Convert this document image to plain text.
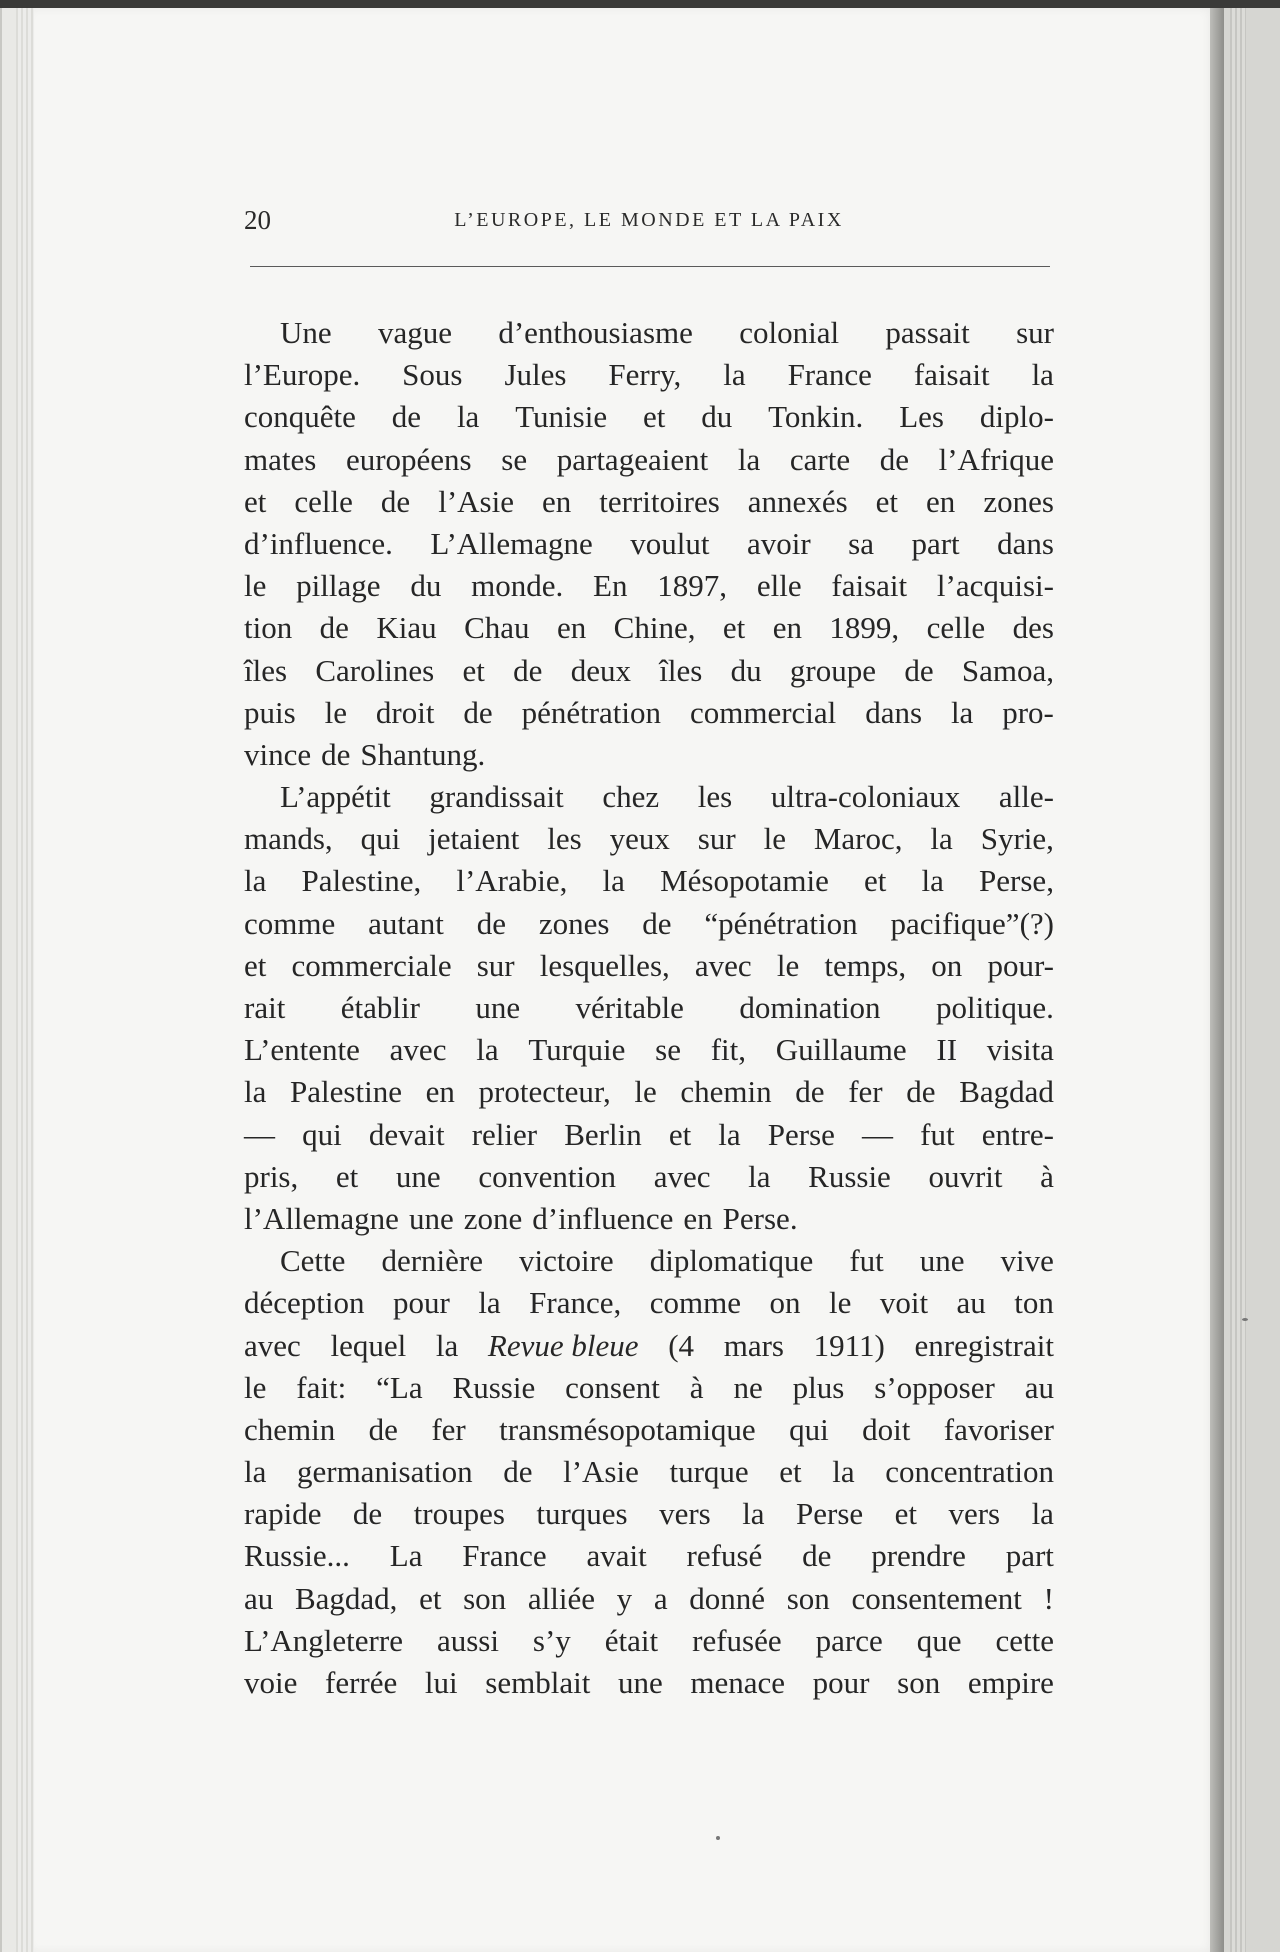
20	L’EUROPE, LE MONDE ET LA PAIX
Une vague d’enthousiasme colonial passait sur
l’Europe. Sous Jules Ferry, la France faisait la
conquête de la Tunisie et du Tonkin. Les diplo-
mates européens se partageaient la carte de l’Afrique
et celle de l’Asie en territoires annexés et en zones
d’influence. L’Allemagne voulut avoir sa part dans
le pillage du monde. En 1897, elle faisait l’acquisi-
tion de Kiau Chau en Chine, et en 1899, celle des
îles Carolines et de deux îles du groupe de Samoa,
puis le droit de pénétration commercial dans la pro-
vince de Shantung.
L’appétit grandissait chez les ultra-coloniaux alle-
mands, qui jetaient les yeux sur le Maroc, la Syrie,
la Palestine, l’Arabie, la Mésopotamie et la Perse,
comme autant de zones de “pénétration pacifique”(?)
et commerciale sur lesquelles, avec le temps, on pour-
rait établir une véritable domination politique.
L’entente avec la Turquie se fit, Guillaume II visita
la Palestine en protecteur, le chemin de fer de Bagdad
— qui devait relier Berlin et la Perse — fut entre-
pris, et une convention avec la Russie ouvrit à
l’Allemagne une zone d’influence en Perse.
Cette dernière victoire diplomatique fut une vive
déception pour la France, comme on le voit au ton
avec lequel la Revue bleue (4 mars 1911) enregistrait
le fait: “La Russie consent à ne plus s’opposer au
chemin de fer transmésopotamique qui doit favoriser
la germanisation de l’Asie turque et la concentration
rapide de troupes turques vers la Perse et vers la
Russie... La France avait refusé de prendre part
au Bagdad, et son alliée y a donné son consentement !
L’Angleterre aussi s’y était refusée parce que cette
voie ferrée lui semblait une menace pour son empire
